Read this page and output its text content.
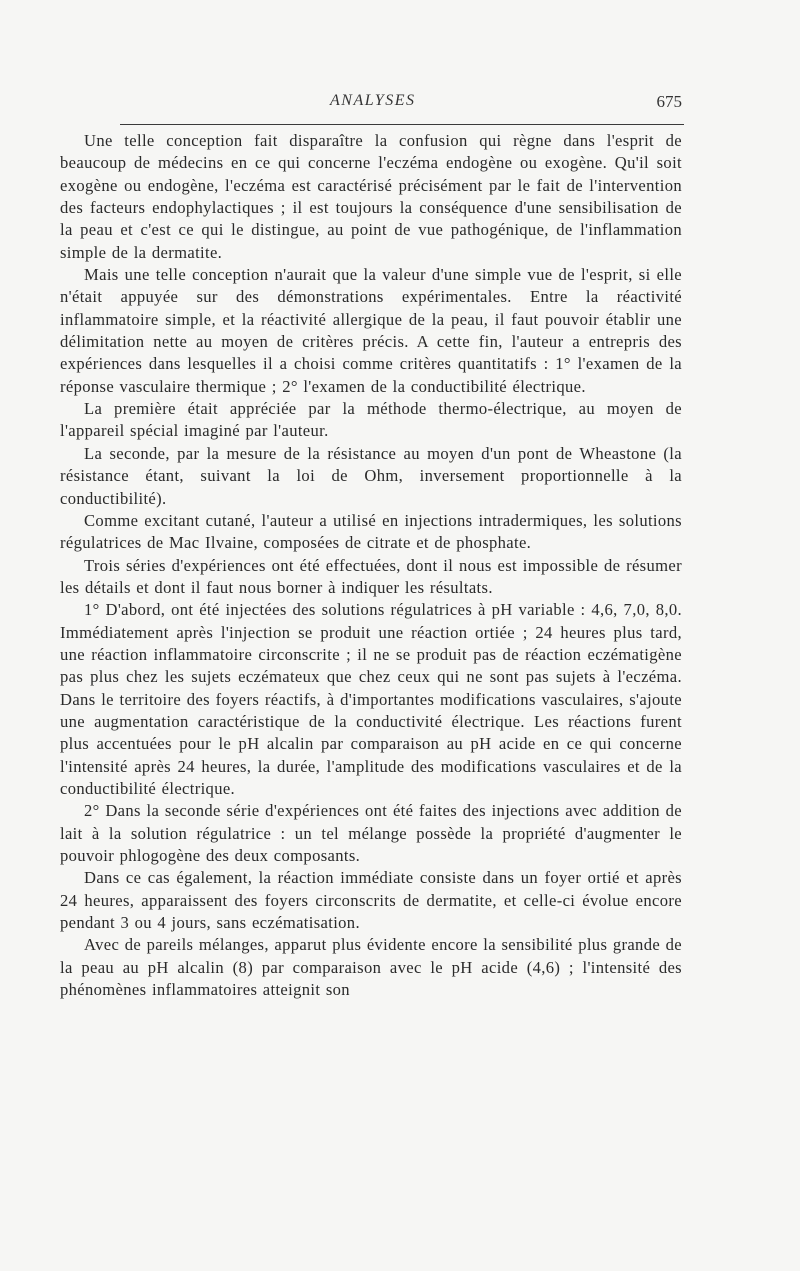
ANALYSES	675

Une telle conception fait disparaître la confusion qui règne dans l'esprit de beaucoup de médecins en ce qui concerne l'eczéma endogène ou exogène. Qu'il soit exogène ou endogène, l'eczéma est caractérisé précisément par le fait de l'intervention des facteurs endophylactiques ; il est toujours la conséquence d'une sensibilisation de la peau et c'est ce qui le distingue, au point de vue pathogénique, de l'inflammation simple de la dermatite.

Mais une telle conception n'aurait que la valeur d'une simple vue de l'esprit, si elle n'était appuyée sur des démonstrations expérimentales. Entre la réactivité inflammatoire simple, et la réactivité allergique de la peau, il faut pouvoir établir une délimitation nette au moyen de critères précis. A cette fin, l'auteur a entrepris des expériences dans lesquelles il a choisi comme critères quantitatifs : 1° l'examen de la réponse vasculaire thermique ; 2° l'examen de la conductibilité électrique.

La première était appréciée par la méthode thermo-électrique, au moyen de l'appareil spécial imaginé par l'auteur.

La seconde, par la mesure de la résistance au moyen d'un pont de Wheastone (la résistance étant, suivant la loi de Ohm, inversement proportionnelle à la conductibilité).

Comme excitant cutané, l'auteur a utilisé en injections intradermiques, les solutions régulatrices de Mac Ilvaine, composées de citrate et de phosphate.

Trois séries d'expériences ont été effectuées, dont il nous est impossible de résumer les détails et dont il faut nous borner à indiquer les résultats.

1° D'abord, ont été injectées des solutions régulatrices à pH variable : 4,6, 7,0, 8,0. Immédiatement après l'injection se produit une réaction ortiée ; 24 heures plus tard, une réaction inflammatoire circonscrite ; il ne se produit pas de réaction eczématigène pas plus chez les sujets eczémateux que chez ceux qui ne sont pas sujets à l'eczéma. Dans le territoire des foyers réactifs, à d'importantes modifications vasculaires, s'ajoute une augmentation caractéristique de la conductivité électrique. Les réactions furent plus accentuées pour le pH alcalin par comparaison au pH acide en ce qui concerne l'intensité après 24 heures, la durée, l'amplitude des modifications vasculaires et de la conductibilité électrique.

2° Dans la seconde série d'expériences ont été faites des injections avec addition de lait à la solution régulatrice : un tel mélange possède la propriété d'augmenter le pouvoir phlogogène des deux composants.

Dans ce cas également, la réaction immédiate consiste dans un foyer ortié et après 24 heures, apparaissent des foyers circonscrits de dermatite, et celle-ci évolue encore pendant 3 ou 4 jours, sans eczématisation.

Avec de pareils mélanges, apparut plus évidente encore la sensibilité plus grande de la peau au pH alcalin (8) par comparaison avec le pH acide (4,6) ; l'intensité des phénomènes inflammatoires atteignit son
